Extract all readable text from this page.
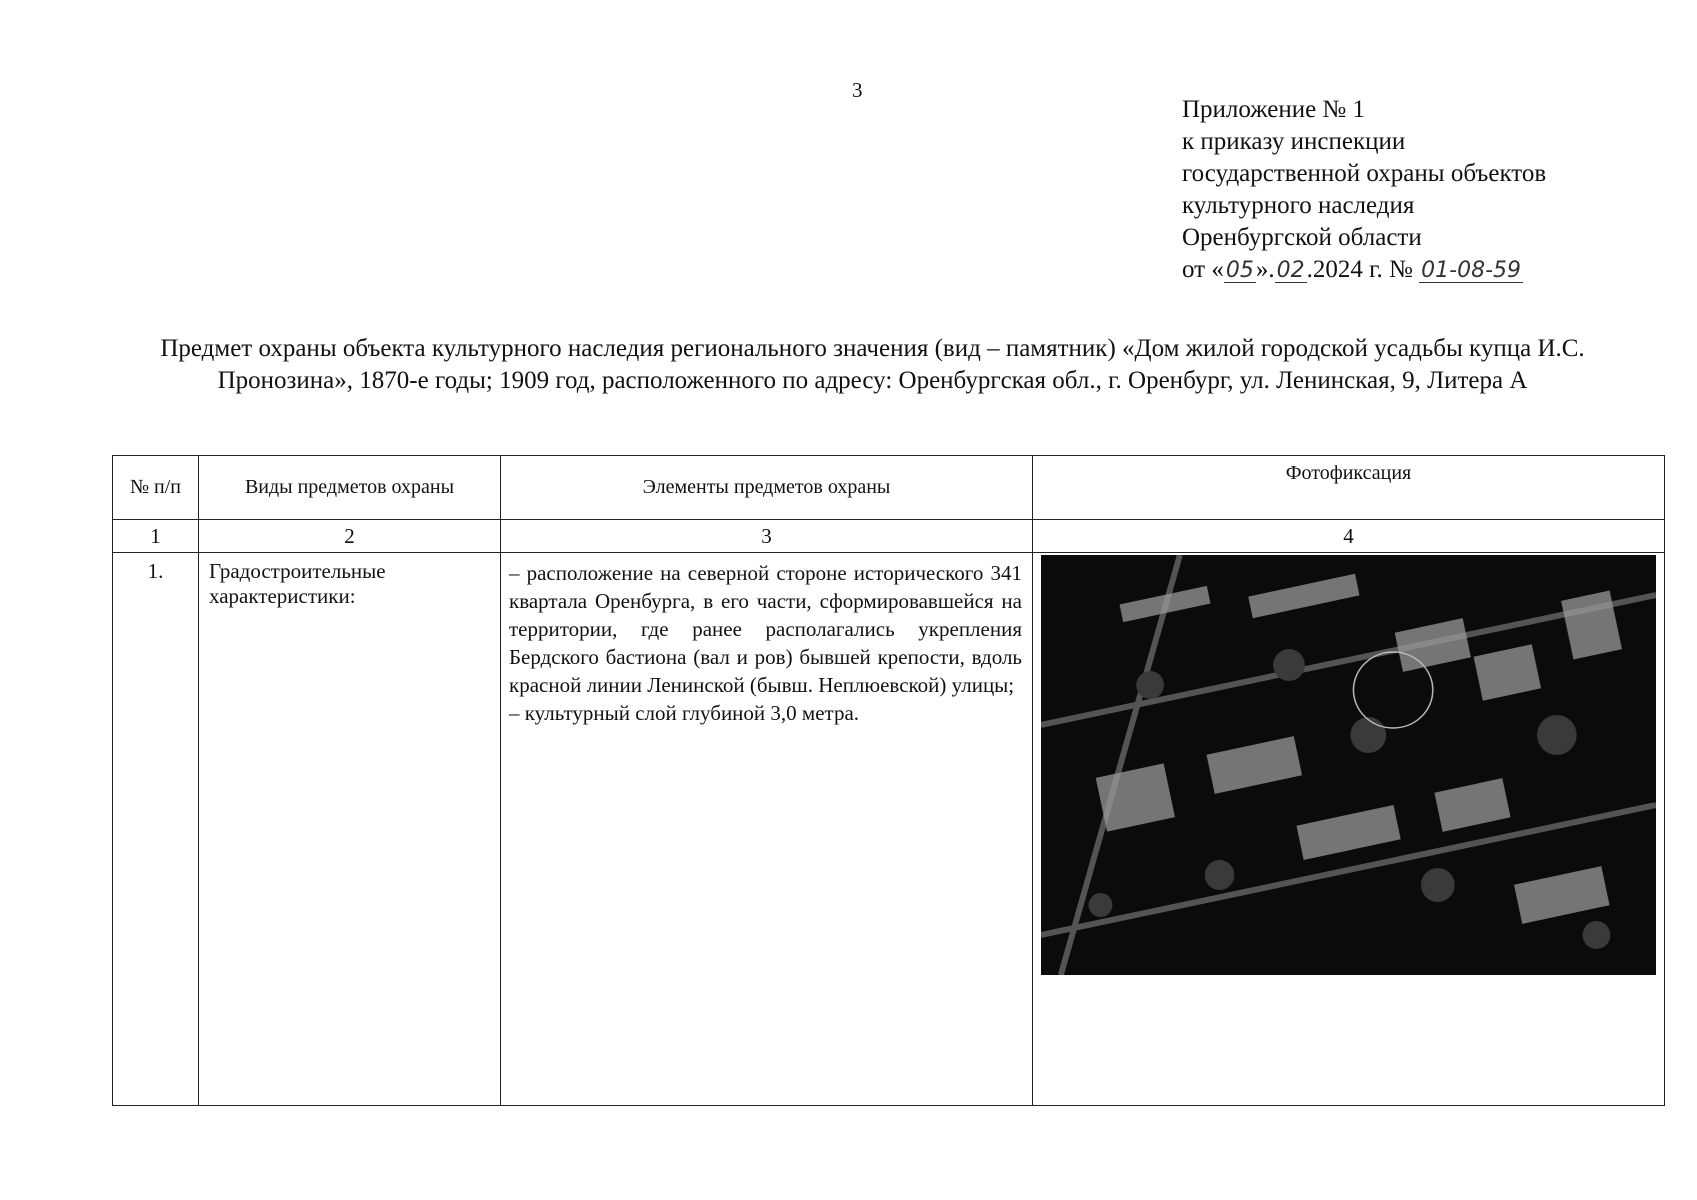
3
Приложение № 1
к приказу инспекции
государственной охраны объектов
культурного наследия
Оренбургской области
от «05».02.2024 г. № 01-08-59
Предмет охраны объекта культурного наследия регионального значения (вид – памятник) «Дом жилой городской усадьбы купца И.С. Пронозина», 1870-е годы; 1909 год, расположенного по адресу: Оренбургская обл., г. Оренбург, ул. Ленинская, 9, Литера А
№ п/п	Виды предметов охраны	Элементы предметов охраны	Фотофиксация
1	2	3	4
1.	Градостроительные характеристики:	– расположение на северной стороне исторического 341 квартала Оренбурга, в его части, сформировавшейся на территории, где ранее располагались укрепления Бердского бастиона (вал и ров) бывшей крепости, вдоль красной линии Ленинской (бывш. Неплюевской) улицы;

– культурный слой глубиной 3,0 метра.
